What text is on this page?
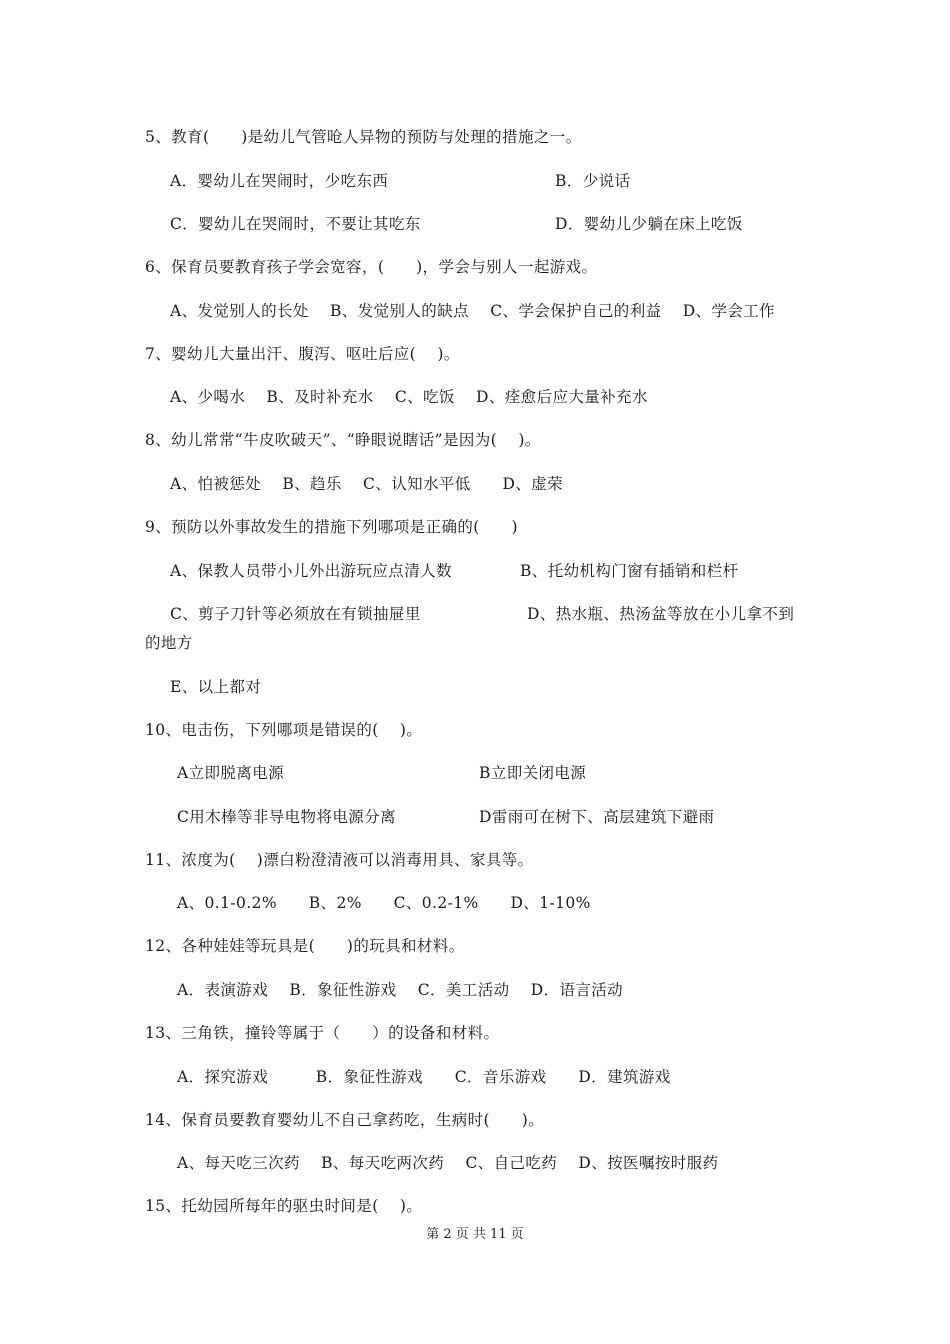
5、教育(　　)是幼儿气管呛人异物的预防与处理的措施之一。
A．婴幼儿在哭闹时，少吃东西	B．少说话
C．婴幼儿在哭闹时，不要让其吃东	D．婴幼儿少躺在床上吃饭
6、保育员要教育孩子学会宽容，(　　)，学会与别人一起游戏。
A、发觉别人的长处　 B、发觉别人的缺点　 C、学会保护自己的利益　 D、学会工作
7、婴幼儿大量出汗、腹泻、呕吐后应(　 )。
A、少喝水　 B、及时补充水　 C、吃饭　 D、痊愈后应大量补充水
8、幼儿常常“牛皮吹破天”、“睁眼说瞎话”是因为(　 )。
A、怕被惩处　 B、趋乐　 C、认知水平低　　D、虚荣
9、预防以外事故发生的措施下列哪项是正确的(　　)
A、保教人员带小儿外出游玩应点清人数	B、托幼机构门窗有插销和栏杆
C、剪子刀针等必须放在有锁抽屉里	D、热水瓶、热汤盆等放在小儿拿不到
的地方
E、以上都对
10、电击伤，下列哪项是错误的(　 )。
A立即脱离电源	B立即关闭电源
C用木棒等非导电物将电源分离	D雷雨可在树下、高层建筑下避雨
11、浓度为(　 )漂白粉澄清液可以消毒用具、家具等。
A、0.1-0.2%　　B、2%　　C、0.2-1%　　D、1-10%
12、各种娃娃等玩具是(　　)的玩具和材料。
A．表演游戏　 B．象征性游戏　 C．美工活动　 D．语言活动
13、三角铁，撞铃等属于（　　）的设备和材料。
A．探究游戏　　　B．象征性游戏　　C．音乐游戏　　D．建筑游戏
14、保育员要教育婴幼儿不自己拿药吃，生病时(　　)。
A、每天吃三次药　 B、每天吃两次药　 C、自己吃药　 D、按医嘱按时服药
15、托幼园所每年的驱虫时间是(　 )。
第 2 页 共 11 页
